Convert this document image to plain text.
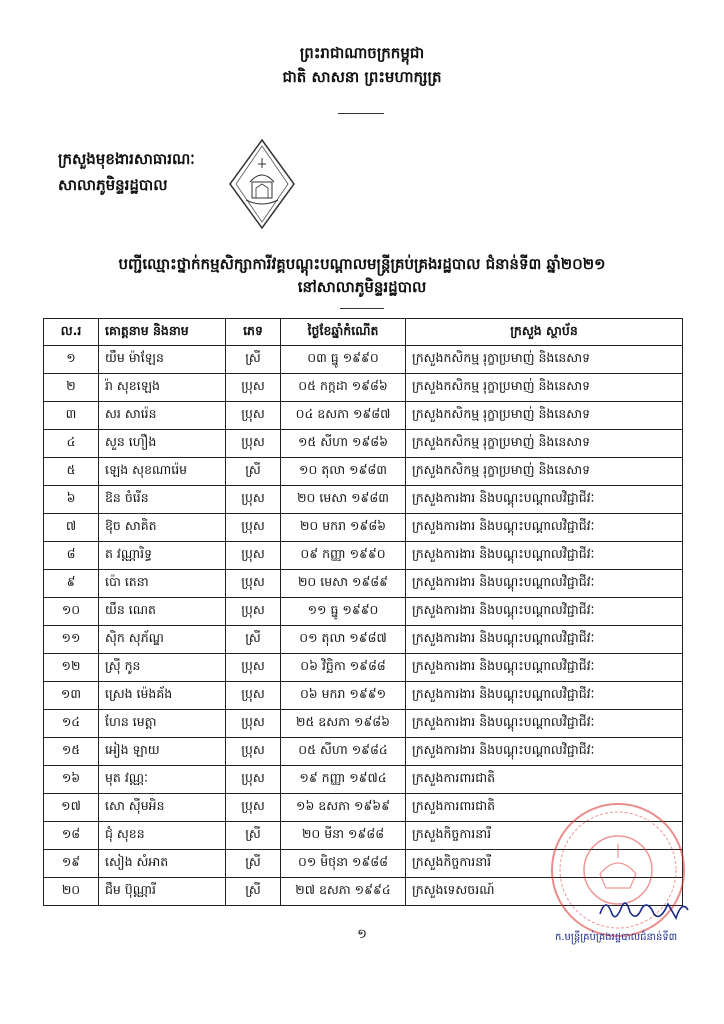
ព្រះរាជាណាចក្រកម្ពុជា
ជាតិ សាសនា ព្រះមហាក្សត្រ
ក្រសួងមុខងារសាធារណៈ
សាលាភូមិន្ទរដ្ឋបាល
បញ្ជីឈ្មោះថ្នាក់កម្មសិក្សាការីវគ្គបណ្តុះបណ្តាលមន្ត្រីគ្រប់គ្រងរដ្ឋបាល ជំនាន់ទី៣ ឆ្នាំ២០២១
នៅសាលាភូមិន្ទរដ្ឋបាល
ល.រ	គោត្តនាម និងនាម	ភេទ	ថ្ងៃខែឆ្នាំកំណើត	ក្រសួង ស្ថាប័ន
១	យឹម ម៉ាឡែន	ស្រី	០៣ ធ្នូ ១៩៩០	ក្រសួងកសិកម្ម រុក្ខាប្រមាញ់ និងនេសាទ
២	រ៉ា សុខឡេង	ប្រុស	០៥ កក្កដា ១៩៨៦	ក្រសួងកសិកម្ម រុក្ខាប្រមាញ់ និងនេសាទ
៣	សរ សារ៉េន	ប្រុស	០៤ ឧសភា ១៩៨៧	ក្រសួងកសិកម្ម រុក្ខាប្រមាញ់ និងនេសាទ
៤	សួន ហឿង	ប្រុស	១៥ សីហា ១៩៨៦	ក្រសួងកសិកម្ម រុក្ខាប្រមាញ់ និងនេសាទ
៥	ឡេង សុខណារ៉េម	ស្រី	១០ តុលា ១៩៨៣	ក្រសួងកសិកម្ម រុក្ខាប្រមាញ់ និងនេសាទ
៦	ឱន ចំរើន	ប្រុស	២០ មេសា ១៩៨៣	ក្រសួងការងារ និងបណ្តុះបណ្តាលវិជ្ជាជីវៈ
៧	ឱុច សាគិត	ប្រុស	២០ មករា ១៩៨៦	ក្រសួងការងារ និងបណ្តុះបណ្តាលវិជ្ជាជីវៈ
៨	ត វណ្ណារិទ្ធ	ប្រុស	០៩ កញ្ញា ១៩៩០	ក្រសួងការងារ និងបណ្តុះបណ្តាលវិជ្ជាជីវៈ
៩	ប៉ោ តេនា	ប្រុស	២០ មេសា ១៩៨៩	ក្រសួងការងារ និងបណ្តុះបណ្តាលវិជ្ជាជីវៈ
១០	យឹន ណេត	ប្រុស	១១ ធ្នូ ១៩៩០	ក្រសួងការងារ និងបណ្តុះបណ្តាលវិជ្ជាជីវៈ
១១	ស៊ិក សុភ័ណ្ឌ	ស្រី	០១ តុលា ១៩៨៧	ក្រសួងការងារ និងបណ្តុះបណ្តាលវិជ្ជាជីវៈ
១២	ស្រ៊ី កូន	ប្រុស	០៦ វិច្ឆិកា ១៩៨៨	ក្រសួងការងារ និងបណ្តុះបណ្តាលវិជ្ជាជីវៈ
១៣	ស្រេង ម៉េងគ័ង	ប្រុស	០៦ មករា ១៩៩១	ក្រសួងការងារ និងបណ្តុះបណ្តាលវិជ្ជាជីវៈ
១៤	ហែន មេត្តា	ប្រុស	២៥ ឧសភា ១៩៨៦	ក្រសួងការងារ និងបណ្តុះបណ្តាលវិជ្ជាជីវៈ
១៥	អៀង ឡាយ	ប្រុស	០៥ សីហា ១៩៨៤	ក្រសួងការងារ និងបណ្តុះបណ្តាលវិជ្ជាជីវៈ
១៦	មុត វណ្ណៈ	ប្រុស	១៩ កញ្ញា ១៩៧៤	ក្រសួងការពារជាតិ
១៧	សោ ស៊ីមអិន	ប្រុស	១៦ ឧសភា ១៩៦៩	ក្រសួងការពារជាតិ
១៨	ជុំ សុខន	ស្រី	២០ មីនា ១៩៨៨	ក្រសួងកិច្ចការនារី
១៩	សៀង សំអាត	ស្រី	០១ មិថុនា ១៩៨៨	ក្រសួងកិច្ចការនារី
២០	ជឹម ប៊ុណ្ណារី	ស្រី	២៧ ឧសភា ១៩៩៤	ក្រសួងទេសចរណ៍
ក.មន្ត្រីគ្រប់គ្រងរដ្ឋបាលជំនាន់ទី៣
១
